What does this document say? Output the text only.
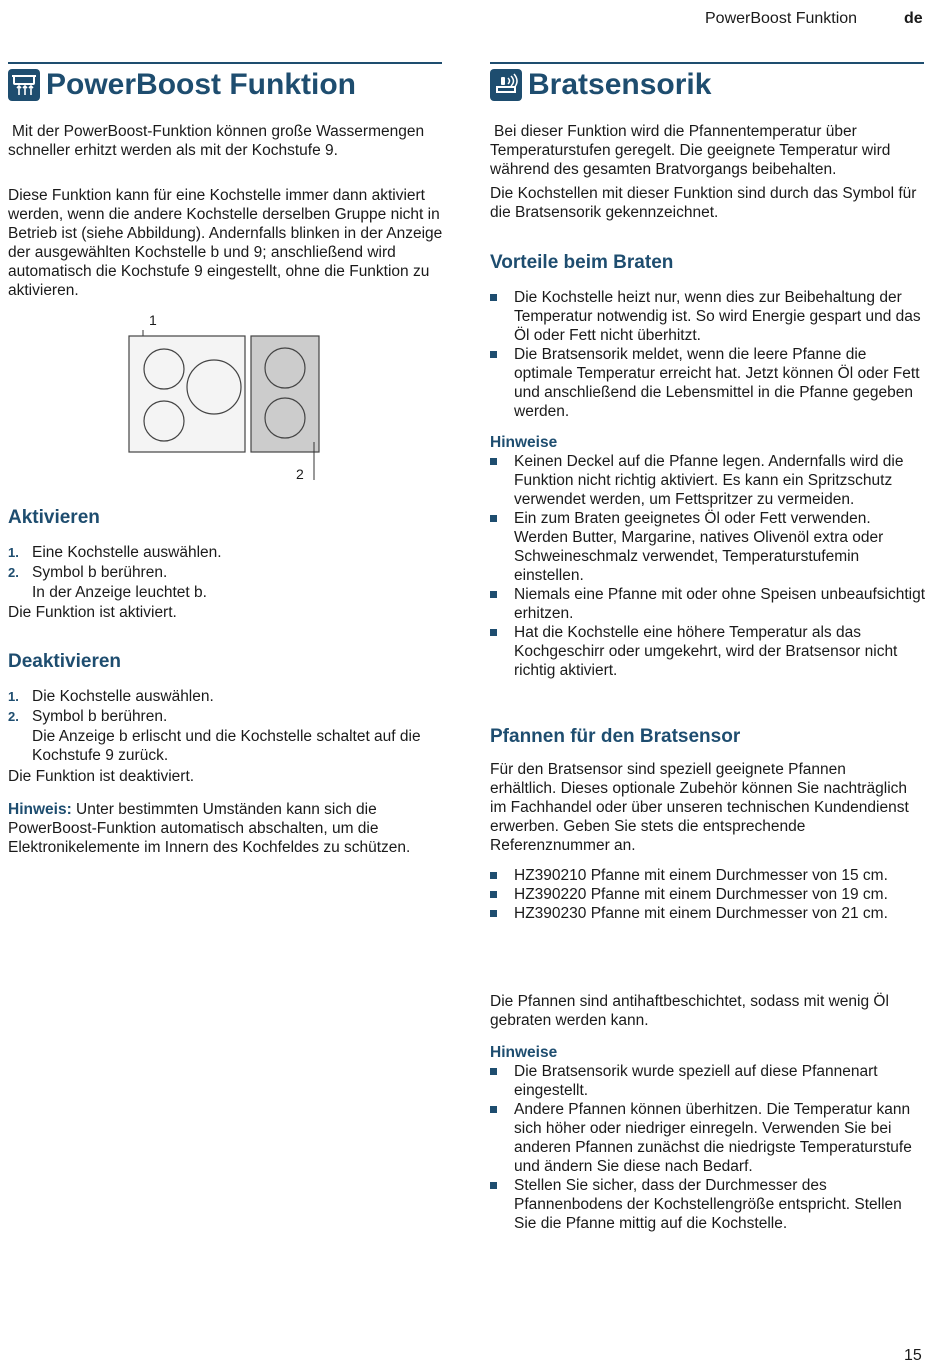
PowerBoost Funktion	de
PowerBoost Funktion

Mit der PowerBoost-Funktion können große Wassermengen schneller erhitzt werden als mit der Kochstufe 9.

Diese Funktion kann für eine Kochstelle immer dann aktiviert werden, wenn die andere Kochstelle derselben Gruppe nicht in Betrieb ist (siehe Abbildung). Andernfalls blinken in der Anzeige der ausgewählten Kochstelle b und 9; anschließend wird automatisch die Kochstufe 9 eingestellt, ohne die Funktion zu aktivieren.

1
2
Aktivieren
1. Eine Kochstelle auswählen.
2. Symbol b berühren.
In der Anzeige leuchtet b.

Die Funktion ist aktiviert.

Deaktivieren
1. Die Kochstelle auswählen.
2. Symbol b berühren.
Die Anzeige b erlischt und die Kochstelle schaltet auf die Kochstufe 9 zurück.

Die Funktion ist deaktiviert.

Hinweis: Unter bestimmten Umständen kann sich die PowerBoost-Funktion automatisch abschalten, um die Elektronikelemente im Innern des Kochfeldes zu schützen.

Bratsensorik

Bei dieser Funktion wird die Pfannentemperatur über Temperaturstufen geregelt. Die geeignete Temperatur wird während des gesamten Bratvorgangs beibehalten.

Die Kochstellen mit dieser Funktion sind durch das Symbol für die Bratsensorik gekennzeichnet.

Vorteile beim Braten
Die Kochstelle heizt nur, wenn dies zur Beibehaltung der Temperatur notwendig ist. So wird Energie gespart und das Öl oder Fett nicht überhitzt.
Die Bratsensorik meldet, wenn die leere Pfanne die optimale Temperatur erreicht hat. Jetzt können Öl oder Fett und anschließend die Lebensmittel in die Pfanne gegeben werden.
Hinweise
Keinen Deckel auf die Pfanne legen. Andernfalls wird die Funktion nicht richtig aktiviert. Es kann ein Spritzschutz verwendet werden, um Fettspritzer zu vermeiden.
Ein zum Braten geeignetes Öl oder Fett verwenden. Werden Butter, Margarine, natives Olivenöl extra oder Schweineschmalz verwendet, Temperaturstufemin einstellen.
Niemals eine Pfanne mit oder ohne Speisen unbeaufsichtigt erhitzen.
Hat die Kochstelle eine höhere Temperatur als das Kochgeschirr oder umgekehrt, wird der Bratsensor nicht richtig aktiviert.
Pfannen für den Bratsensor

Für den Bratsensor sind speziell geeignete Pfannen erhältlich. Dieses optionale Zubehör können Sie nachträglich im Fachhandel oder über unseren technischen Kundendienst erwerben. Geben Sie stets die entsprechende Referenznummer an.

HZ390210 Pfanne mit einem Durchmesser von 15 cm.
HZ390220 Pfanne mit einem Durchmesser von 19 cm.
HZ390230 Pfanne mit einem Durchmesser von 21 cm.

Die Pfannen sind antihaftbeschichtet, sodass mit wenig Öl gebraten werden kann.

Hinweise
Die Bratsensorik wurde speziell auf diese Pfannenart eingestellt.
Andere Pfannen können überhitzen. Die Temperatur kann sich höher oder niedriger einregeln. Verwenden Sie bei anderen Pfannen zunächst die niedrigste Temperaturstufe und ändern Sie diese nach Bedarf.
Stellen Sie sicher, dass der Durchmesser des Pfannenbodens der Kochstellengröße entspricht. Stellen Sie die Pfanne mittig auf die Kochstelle.
15
